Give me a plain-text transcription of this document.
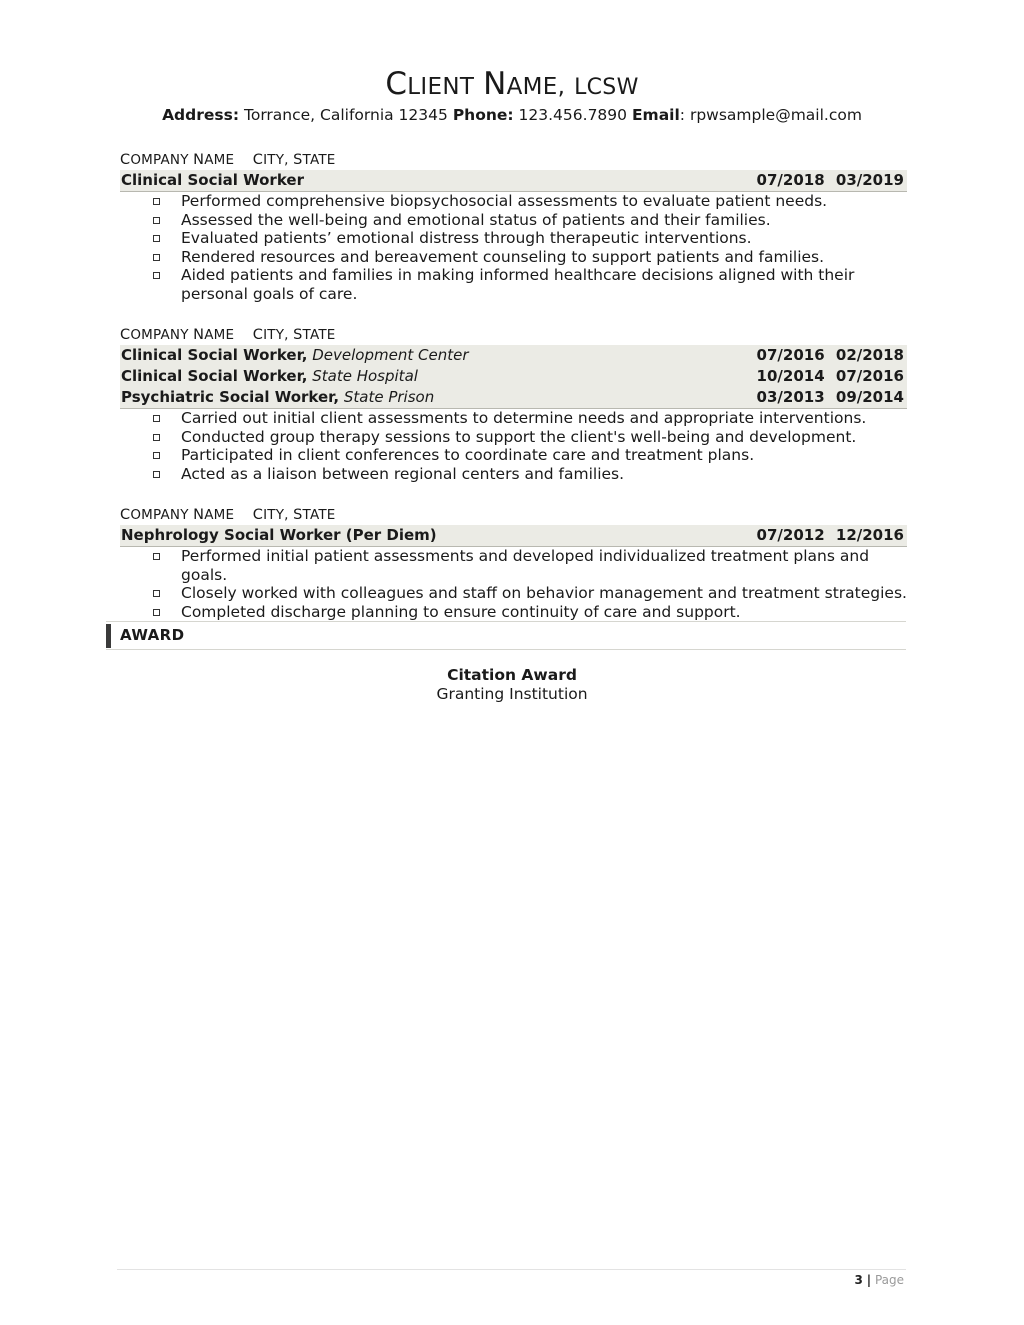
CLIENT NAME, LCSW
Address: Torrance, California 12345 Phone: 123.456.7890 Email: rpwsample@mail.com
COMPANY NAME CITY, STATE
Clinical Social Worker	07/2018 03/2019
Performed comprehensive biopsychosocial assessments to evaluate patient needs.
Assessed the well-being and emotional status of patients and their families.
Evaluated patients’ emotional distress through therapeutic interventions.
Rendered resources and bereavement counseling to support patients and families.
Aided patients and families in making informed healthcare decisions aligned with their personal goals of care.
COMPANY NAME CITY, STATE
Clinical Social Worker, Development Center	07/2016 02/2018
Clinical Social Worker, State Hospital	10/2014 07/2016
Psychiatric Social Worker, State Prison	03/2013 09/2014
Carried out initial client assessments to determine needs and appropriate interventions.
Conducted group therapy sessions to support the client's well-being and development.
Participated in client conferences to coordinate care and treatment plans.
Acted as a liaison between regional centers and families.
COMPANY NAME CITY, STATE
Nephrology Social Worker (Per Diem)	07/2012 12/2016
Performed initial patient assessments and developed individualized treatment plans and goals.
Closely worked with colleagues and staff on behavior management and treatment strategies.
Completed discharge planning to ensure continuity of care and support.
AWARD
Citation Award
Granting Institution
3 | Page
